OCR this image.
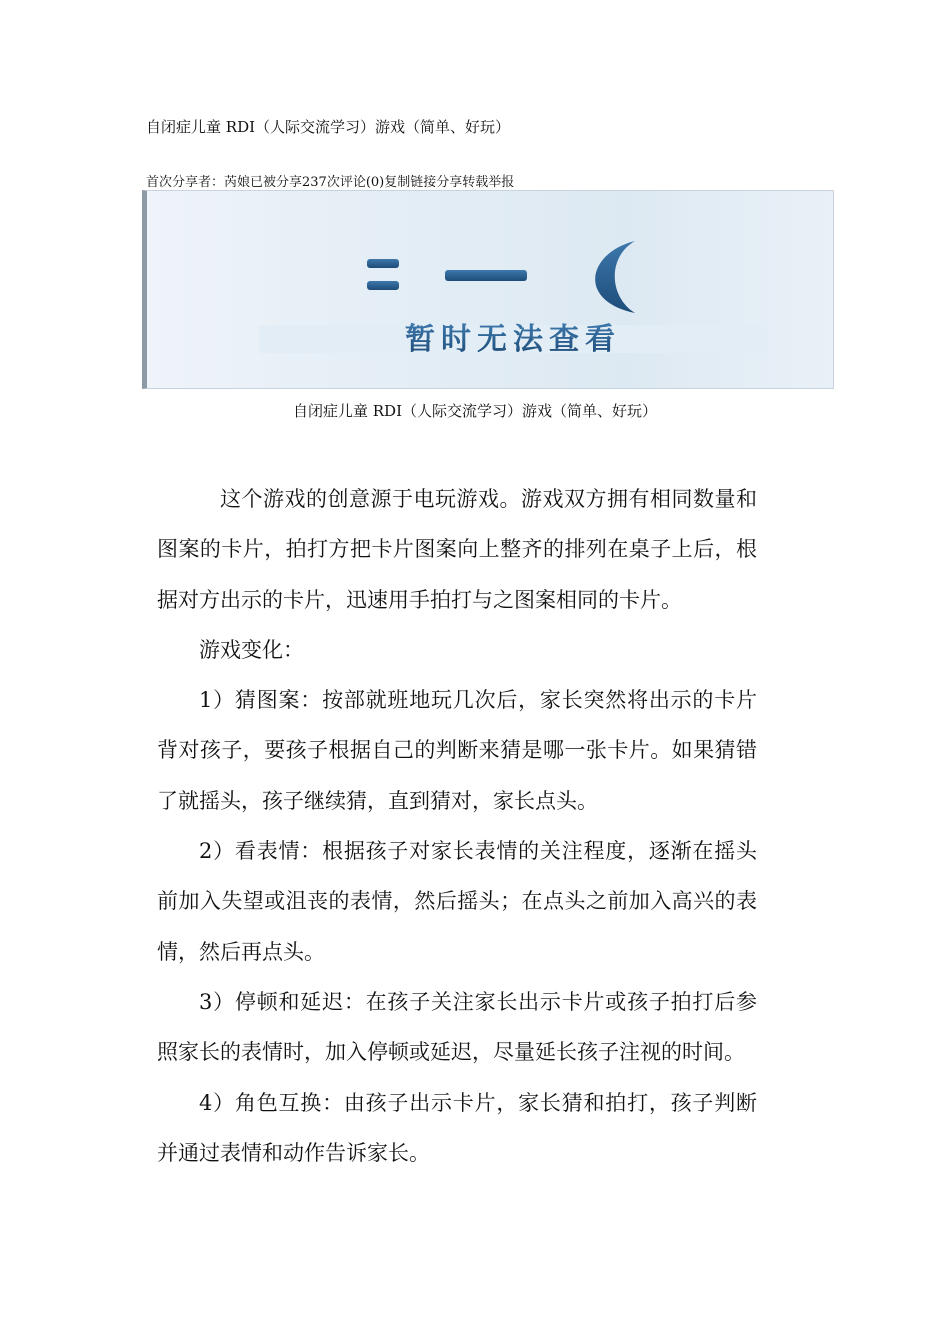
自闭症儿童 RDI（人际交流学习）游戏（简单、好玩）
首次分享者：芮娘已被分享237次评论(0)复制链接分享转载举报
暂时无法查看
自闭症儿童 RDI（人际交流学习）游戏（简单、好玩）

这个游戏的创意源于电玩游戏。游戏双方拥有相同数量和图案的卡片，拍打方把卡片图案向上整齐的排列在桌子上后，根据对方出示的卡片，迅速用手拍打与之图案相同的卡片。

游戏变化：

1）猜图案：按部就班地玩几次后，家长突然将出示的卡片背对孩子，要孩子根据自己的判断来猜是哪一张卡片。如果猜错了就摇头，孩子继续猜，直到猜对，家长点头。

2）看表情：根据孩子对家长表情的关注程度，逐渐在摇头前加入失望或沮丧的表情，然后摇头；在点头之前加入高兴的表情，然后再点头。

3）停顿和延迟：在孩子关注家长出示卡片或孩子拍打后参照家长的表情时，加入停顿或延迟，尽量延长孩子注视的时间。

4）角色互换：由孩子出示卡片，家长猜和拍打，孩子判断并通过表情和动作告诉家长。
